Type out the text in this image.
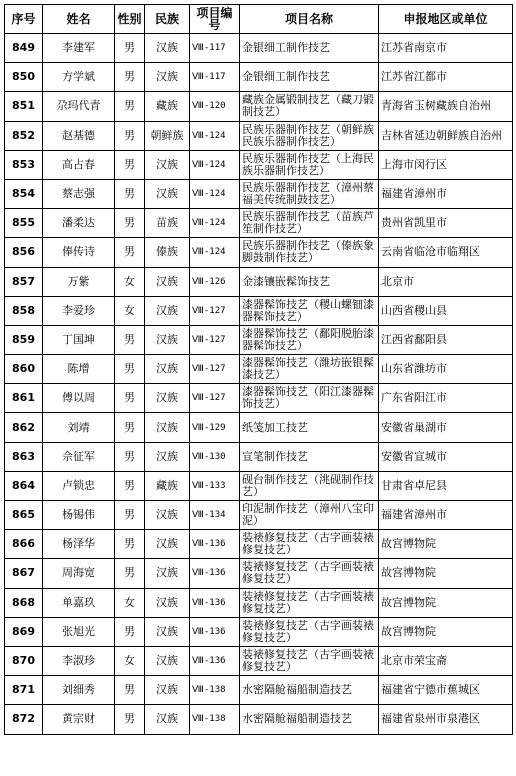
序号	姓名	性别	民族	项目编号	项目名称	申报地区或单位
849	李建军	男	汉族	Ⅷ-117	金银细工制作技艺	江苏省南京市
850	方学斌	男	汉族	Ⅷ-117	金银细工制作技艺	江苏省江都市
851	尕玛代青	男	藏族	Ⅷ-120	藏族金属锻制技艺（藏刀锻制技艺）	青海省玉树藏族自治州
852	赵基德	男	朝鲜族	Ⅷ-124	民族乐器制作技艺（朝鲜族民族乐器制作技艺）	吉林省延边朝鲜族自治州
853	高占春	男	汉族	Ⅷ-124	民族乐器制作技艺（上海民族乐器制作技艺）	上海市闵行区
854	蔡志强	男	汉族	Ⅷ-124	民族乐器制作技艺（漳州蔡福美传统制鼓技艺）	福建省漳州市
855	潘柔达	男	苗族	Ⅷ-124	民族乐器制作技艺（苗族芦笙制作技艺）	贵州省凯里市
856	俸传诗	男	傣族	Ⅷ-124	民族乐器制作技艺（傣族象脚鼓制作技艺）	云南省临沧市临翔区
857	万紫	女	汉族	Ⅷ-126	金漆镶嵌髹饰技艺	北京市
858	李爱珍	女	汉族	Ⅷ-127	漆器髹饰技艺（稷山螺钿漆器髹饰技艺）	山西省稷山县
859	丁国坤	男	汉族	Ⅷ-127	漆器髹饰技艺（鄱阳脱胎漆器髹饰技艺）	江西省鄱阳县
860	陈增	男	汉族	Ⅷ-127	漆器髹饰技艺（潍坊嵌银髹漆技艺）	山东省潍坊市
861	傅以周	男	汉族	Ⅷ-127	漆器髹饰技艺（阳江漆器髹饰技艺）	广东省阳江市
862	刘靖	男	汉族	Ⅷ-129	纸笺加工技艺	安徽省巢湖市
863	佘征军	男	汉族	Ⅷ-130	宣笔制作技艺	安徽省宣城市
864	卢锁忠	男	藏族	Ⅷ-133	砚台制作技艺（洮砚制作技艺）	甘肃省卓尼县
865	杨锡伟	男	汉族	Ⅷ-134	印泥制作技艺（漳州八宝印泥）	福建省漳州市
866	杨泽华	男	汉族	Ⅷ-136	装裱修复技艺（古字画装裱修复技艺）	故宫博物院
867	周海宽	男	汉族	Ⅷ-136	装裱修复技艺（古字画装裱修复技艺）	故宫博物院
868	单嘉玖	女	汉族	Ⅷ-136	装裱修复技艺（古字画装裱修复技艺）	故宫博物院
869	张旭光	男	汉族	Ⅷ-136	装裱修复技艺（古字画装裱修复技艺）	故宫博物院
870	李淑珍	女	汉族	Ⅷ-136	装裱修复技艺（古字画装裱修复技艺）	北京市荣宝斋
871	刘细秀	男	汉族	Ⅷ-138	水密隔舱福船制造技艺	福建省宁德市蕉城区
872	黄宗财	男	汉族	Ⅷ-138	水密隔舱福船制造技艺	福建省泉州市泉港区
